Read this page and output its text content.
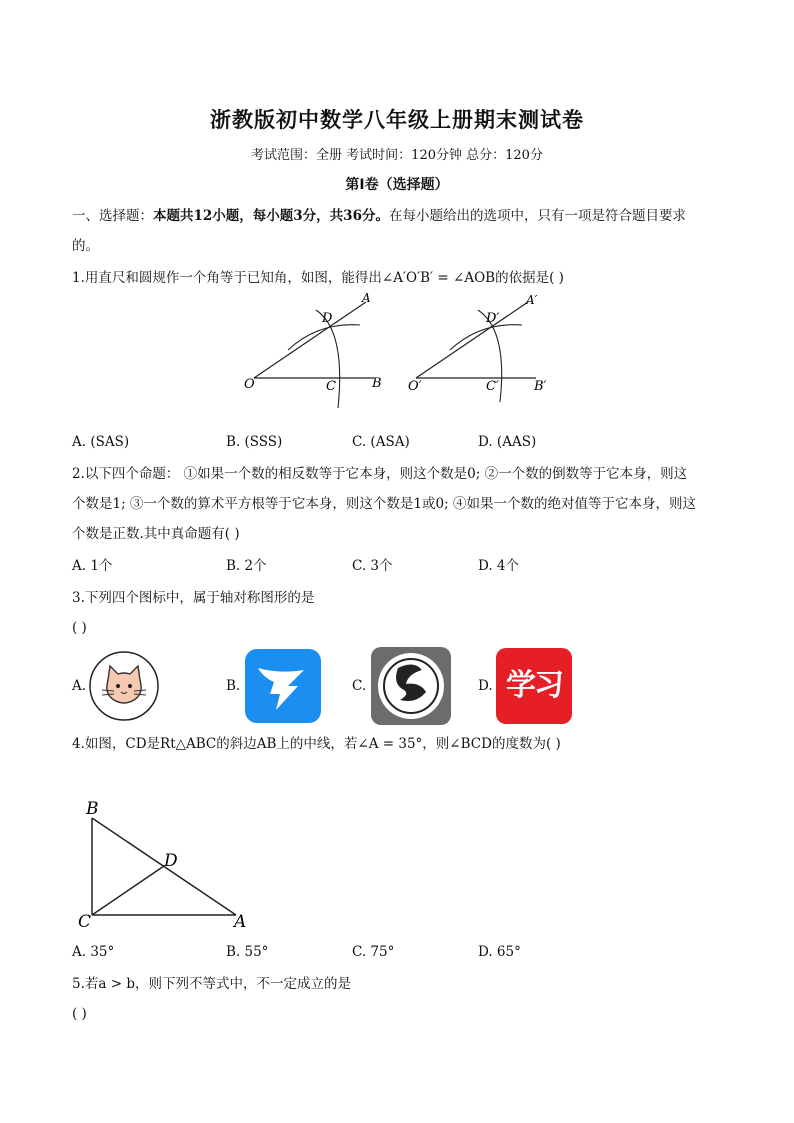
浙教版初中数学八年级上册期末测试卷
考试范围：全册 考试时间：120分钟 总分：120分
第I卷（选择题）
一、选择题：本题共12小题，每小题3分，共36分。在每小题给出的选项中，只有一项是符合题目要求
的。
1.用直尺和圆规作一个角等于已知角，如图，能得出∠A′O′B′ = ∠AOB的依据是( )
A
D
O	C	B
A′
D′
O′	C′	B′
A. (SAS)	B. (SSS)	C. (ASA)	D. (AAS)
2.以下四个命题： ①如果一个数的相反数等于它本身，则这个数是0; ②一个数的倒数等于它本身，则这
个数是1; ③一个数的算术平方根等于它本身，则这个数是1或0; ④如果一个数的绝对值等于它本身，则这
个数是正数.其中真命题有( )
A. 1个	B. 2个	C. 3个	D. 4个
3.下列四个图标中，属于轴对称图形的是
( )
A.	B.	C.	D. 学习
4.如图，CD是Rt△ABC的斜边AB上的中线，若∠A = 35°，则∠BCD的度数为( )
B
D
C	A
A. 35°	B. 55°	C. 75°	D. 65°
5.若a > b，则下列不等式中，不一定成立的是
( )
